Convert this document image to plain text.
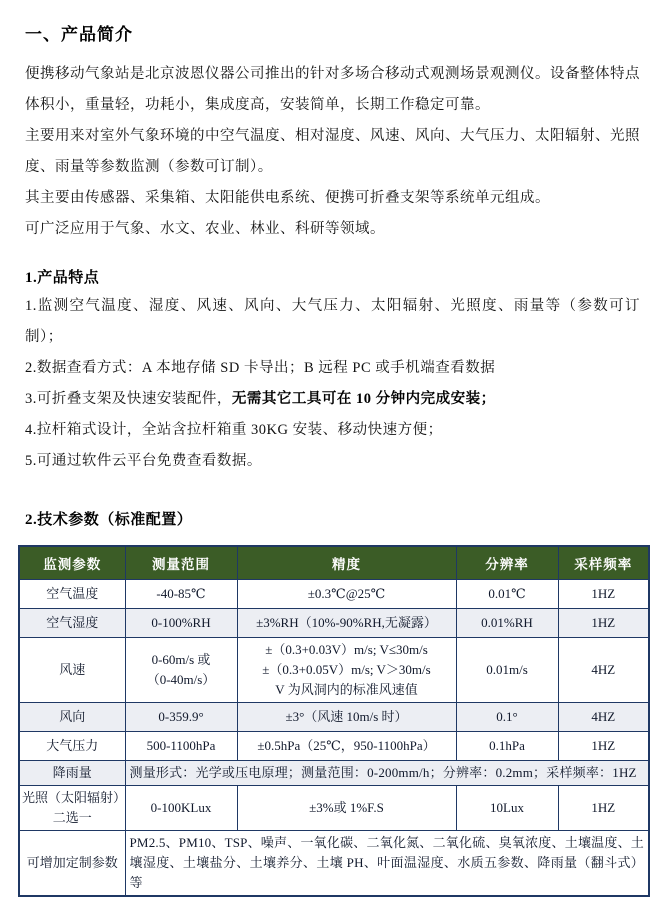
一、产品简介

便携移动气象站是北京波恩仪器公司推出的针对多场合移动式观测场景观测仪。设备整体特点体积小，重量轻，功耗小，集成度高，安装简单，长期工作稳定可靠。

主要用来对室外气象环境的中空气温度、相对湿度、风速、风向、大气压力、太阳辐射、光照度、雨量等参数监测（参数可订制）。

其主要由传感器、采集箱、太阳能供电系统、便携可折叠支架等系统单元组成。

可广泛应用于气象、水文、农业、林业、科研等领域。

1.产品特点

1.监测空气温度、湿度、风速、风向、大气压力、太阳辐射、光照度、雨量等（参数可订制）；

2.数据查看方式：A 本地存储 SD 卡导出；B 远程 PC 或手机端查看数据

3.可折叠支架及快速安装配件，无需其它工具可在 10 分钟内完成安装；

4.拉杆箱式设计，全站含拉杆箱重 30KG 安装、移动快速方便；

5.可通过软件云平台免费查看数据。

2.技术参数（标准配置）
监测参数	测量范围	精度	分辨率	采样频率
空气温度	-40-85℃	±0.3℃@25℃	0.01℃	1HZ
空气湿度	0-100%RH	±3%RH（10%-90%RH,无凝露）	0.01%RH	1HZ
风速	0-60m/s 或
（0-40m/s）	±（0.3+0.03V）m/s; V≤30m/s
±（0.3+0.05V）m/s; V＞30m/s
V 为风洞内的标准风速值	0.01m/s	4HZ
风向	0-359.9°	±3°（风速 10m/s 时）	0.1°	4HZ
大气压力	500-1100hPa	±0.5hPa（25℃，950-1100hPa）	0.1hPa	1HZ
降雨量	测量形式：光学或压电原理；测量范围：0-200mm/h；分辨率：0.2mm；采样频率：1HZ			

光照（太阳辐射）
二选一	0-100KLux	±3%或 1%F.S	10Lux	1HZ
可增加定制参数	PM2.5、PM10、TSP、噪声、一氧化碳、二氧化氮、二氧化硫、臭氧浓度、土壤温度、土壤湿度、土壤盐分、土壤养分、土壤 PH、叶面温湿度、水质五参数、降雨量（翻斗式）等			
